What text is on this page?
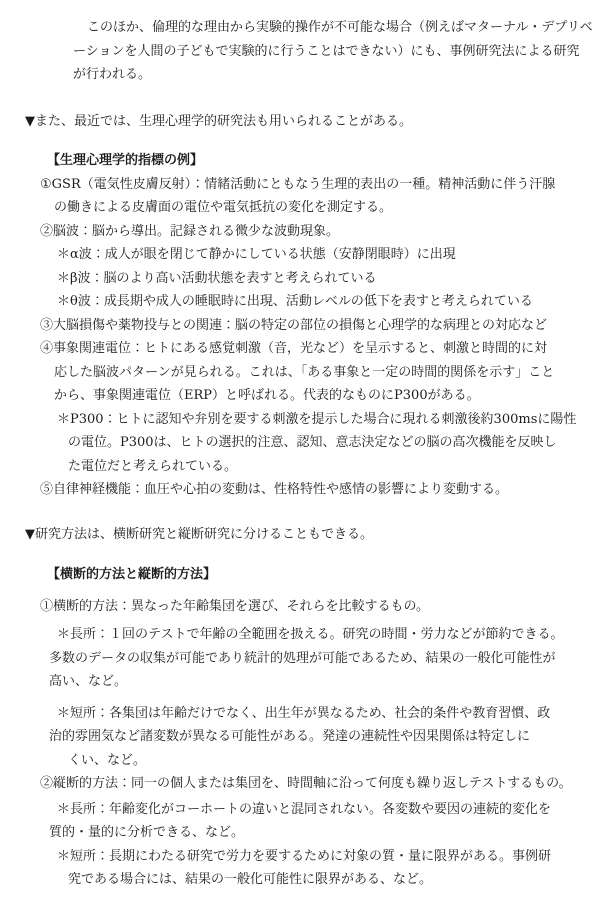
このほか、倫理的な理由から実験的操作が不可能な場合（例えばマターナル・デプリベ
ーションを人間の子どもで実験的に行うことはできない）にも、事例研究法による研究
が行われる。
▼また、最近では、生理心理学的研究法も用いられることがある。
【生理心理学的指標の例】
①GSR（電気性皮膚反射）：情緒活動にともなう生理的表出の一種。精神活動に伴う汗腺
の働きによる皮膚面の電位や電気抵抗の変化を測定する。
②脳波：脳から導出。記録される微少な波動現象。
＊α波：成人が眼を閉じて静かにしている状態（安静閉眼時）に出現
＊β波：脳のより高い活動状態を表すと考えられている
＊θ波：成長期や成人の睡眠時に出現、活動レベルの低下を表すと考えられている
③大脳損傷や薬物投与との関連：脳の特定の部位の損傷と心理学的な病理との対応など
④事象関連電位：ヒトにある感覚刺激（音，光など）を呈示すると、刺激と時間的に対
応した脳波パターンが見られる。これは、「ある事象と一定の時間的関係を示す」こと
から、事象関連電位（ERP）と呼ばれる。代表的なものにP300がある。
＊P300：ヒトに認知や弁別を要する刺激を提示した場合に現れる刺激後約300msに陽性
の電位。P300は、ヒトの選択的注意、認知、意志決定などの脳の高次機能を反映し
た電位だと考えられている。
⑤自律神経機能：血圧や心拍の変動は、性格特性や感情の影響により変動する。
▼研究方法は、横断研究と縦断研究に分けることもできる。
【横断的方法と縦断的方法】
①横断的方法：異なった年齢集団を選び、それらを比較するもの。
＊長所：１回のテストで年齢の全範囲を扱える。研究の時間・労力などが節約できる。
多数のデータの収集が可能であり統計的処理が可能であるため、結果の一般化可能性が
高い、など。
＊短所：各集団は年齢だけでなく、出生年が異なるため、社会的条件や教育習慣、政
治的雰囲気など諸変数が異なる可能性がある。発達の連続性や因果関係は特定しに
くい、など。
②縦断的方法：同一の個人または集団を、時間軸に沿って何度も繰り返しテストするもの。
＊長所：年齢変化がコーホートの違いと混同されない。各変数や要因の連続的変化を
質的・量的に分析できる、など。
＊短所：長期にわたる研究で労力を要するために対象の質・量に限界がある。事例研
究である場合には、結果の一般化可能性に限界がある、など。
